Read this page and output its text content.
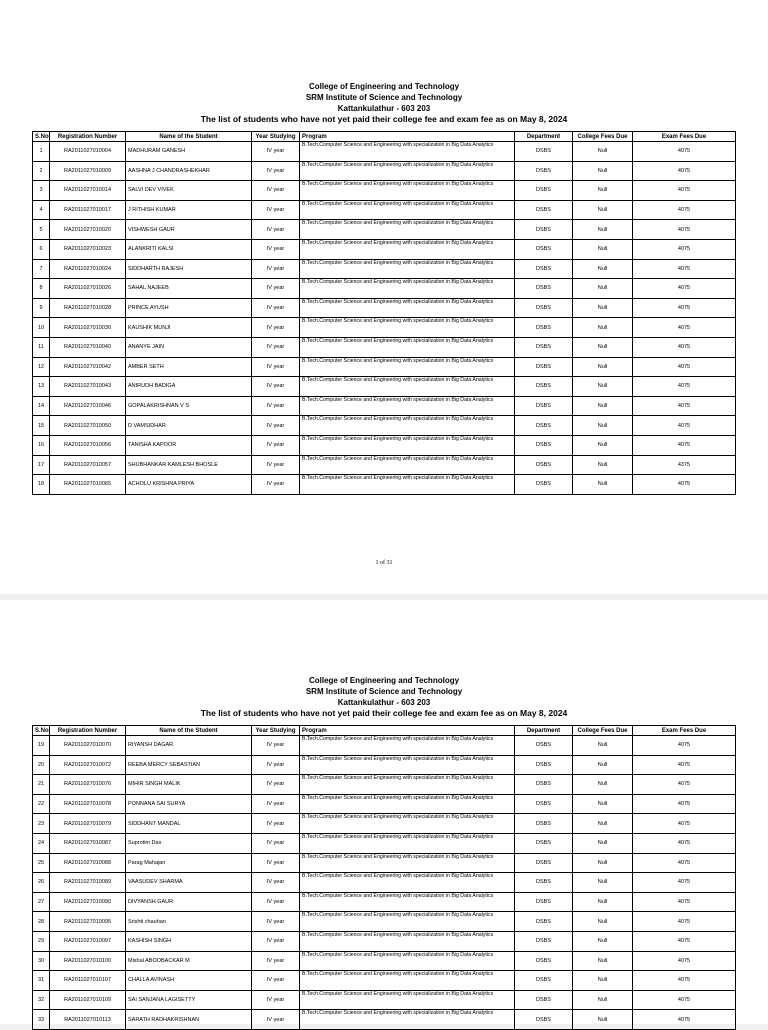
College of Engineering and Technology
SRM Institute of Science and Technology
Kattankulathur - 603 203
The list of students who have not yet paid their college fee and exam fee as on May 8, 2024
S.No	Registration Number	Name of the Student	Year Studying	Program	Department	College Fees Due	Exam Fees Due
1	RA2011027010004	MADHURAM GANESH	IV year	B.Tech.Computer Science and Engineering with specialization in Big Data Analytics	DSBS	Null	4075
2	RA2011027010009	AASHNA J CHANDRASHEKHAR	IV year	B.Tech.Computer Science and Engineering with specialization in Big Data Analytics	DSBS	Null	4075
3	RA2011027010014	SALVI DEV VIVEK	IV year	B.Tech.Computer Science and Engineering with specialization in Big Data Analytics	DSBS	Null	4075
4	RA2011027010017	J RITHISH KUMAR	IV year	B.Tech.Computer Science and Engineering with specialization in Big Data Analytics	DSBS	Null	4075
5	RA2011027010020	VISHWESH GAUR	IV year	B.Tech.Computer Science and Engineering with specialization in Big Data Analytics	DSBS	Null	4075
6	RA2011027010023	ALANKRITI KALSI	IV year	B.Tech.Computer Science and Engineering with specialization in Big Data Analytics	DSBS	Null	4075
7	RA2011027010024	SIDDHARTH RAJESH	IV year	B.Tech.Computer Science and Engineering with specialization in Big Data Analytics	DSBS	Null	4075
8	RA2011027010026	SAHAL NAJEEB	IV year	B.Tech.Computer Science and Engineering with specialization in Big Data Analytics	DSBS	Null	4075
9	RA2011027010028	PRINCE AYUSH	IV year	B.Tech.Computer Science and Engineering with specialization in Big Data Analytics	DSBS	Null	4075
10	RA2011027010030	KAUSHIK MUNJI	IV year	B.Tech.Computer Science and Engineering with specialization in Big Data Analytics	DSBS	Null	4075
11	RA2011027010040	ANANYE JAIN	IV year	B.Tech.Computer Science and Engineering with specialization in Big Data Analytics	DSBS	Null	4075
12	RA2011027010042	AMBER SETH	IV year	B.Tech.Computer Science and Engineering with specialization in Big Data Analytics	DSBS	Null	4075
13	RA2011027010043	ANIRUDH BADIGA	IV year	B.Tech.Computer Science and Engineering with specialization in Big Data Analytics	DSBS	Null	4075
14	RA2011027010046	GOPALAKRISHNAN V S	IV year	B.Tech.Computer Science and Engineering with specialization in Big Data Analytics	DSBS	Null	4075
15	RA2011027010050	D VAMSIDHAR	IV year	B.Tech.Computer Science and Engineering with specialization in Big Data Analytics	DSBS	Null	4075
16	RA2011027010056	TANISHA KAPOOR	IV year	B.Tech.Computer Science and Engineering with specialization in Big Data Analytics	DSBS	Null	4075
17	RA2011027010057	SHUBHANKAR KAMLESH BHOSLE	IV year	B.Tech.Computer Science and Engineering with specialization in Big Data Analytics	DSBS	Null	4375
18	RA2011027010065	ACHOLU KRISHNA PRIYA	IV year	B.Tech.Computer Science and Engineering with specialization in Big Data Analytics	DSBS	Null	4075
1 of 31
College of Engineering and Technology
SRM Institute of Science and Technology
Kattankulathur - 603 203
The list of students who have not yet paid their college fee and exam fee as on May 8, 2024
S.No	Registration Number	Name of the Student	Year Studying	Program	Department	College Fees Due	Exam Fees Due
19	RA2011027010070	RIYANSH DAGAR	IV year	B.Tech.Computer Science and Engineering with specialization in Big Data Analytics	DSBS	Null	4075
20	RA2011027010072	REEBA MERCY SEBASTIAN	IV year	B.Tech.Computer Science and Engineering with specialization in Big Data Analytics	DSBS	Null	4075
21	RA2011027010076	MIHIR SINGH MALIK	IV year	B.Tech.Computer Science and Engineering with specialization in Big Data Analytics	DSBS	Null	4075
22	RA2011027010078	PONNANA SAI SURYA	IV year	B.Tech.Computer Science and Engineering with specialization in Big Data Analytics	DSBS	Null	4075
23	RA2011027010079	SIDDHANT MANDAL	IV year	B.Tech.Computer Science and Engineering with specialization in Big Data Analytics	DSBS	Null	4075
24	RA2011027010087	Suprotim Das	IV year	B.Tech.Computer Science and Engineering with specialization in Big Data Analytics	DSBS	Null	4075
25	RA2011027010088	Parag Mahajan	IV year	B.Tech.Computer Science and Engineering with specialization in Big Data Analytics	DSBS	Null	4075
26	RA2011027010089	VAASUDEV SHARMA	IV year	B.Tech.Computer Science and Engineering with specialization in Big Data Analytics	DSBS	Null	4075
27	RA2011027010090	DIVYANSH GAUR	IV year	B.Tech.Computer Science and Engineering with specialization in Big Data Analytics	DSBS	Null	4075
28	RA2011027010095	Srishti chauhan	IV year	B.Tech.Computer Science and Engineering with specialization in Big Data Analytics	DSBS	Null	4075
29	RA2011027010097	KASHISH SINGH	IV year	B.Tech.Computer Science and Engineering with specialization in Big Data Analytics	DSBS	Null	4075
30	RA2011027010100	Mishal ABOOBACKAR M	IV year	B.Tech.Computer Science and Engineering with specialization in Big Data Analytics	DSBS	Null	4075
31	RA2011027010107	CHALLA AVINASH	IV year	B.Tech.Computer Science and Engineering with specialization in Big Data Analytics	DSBS	Null	4075
32	RA2011027010109	SAI SANJANA LAGISETTY	IV year	B.Tech.Computer Science and Engineering with specialization in Big Data Analytics	DSBS	Null	4075
33	RA2011027010113	SARATH RADHAKRISHNAN	IV year	B.Tech.Computer Science and Engineering with specialization in Big Data Analytics	DSBS	Null	4075
